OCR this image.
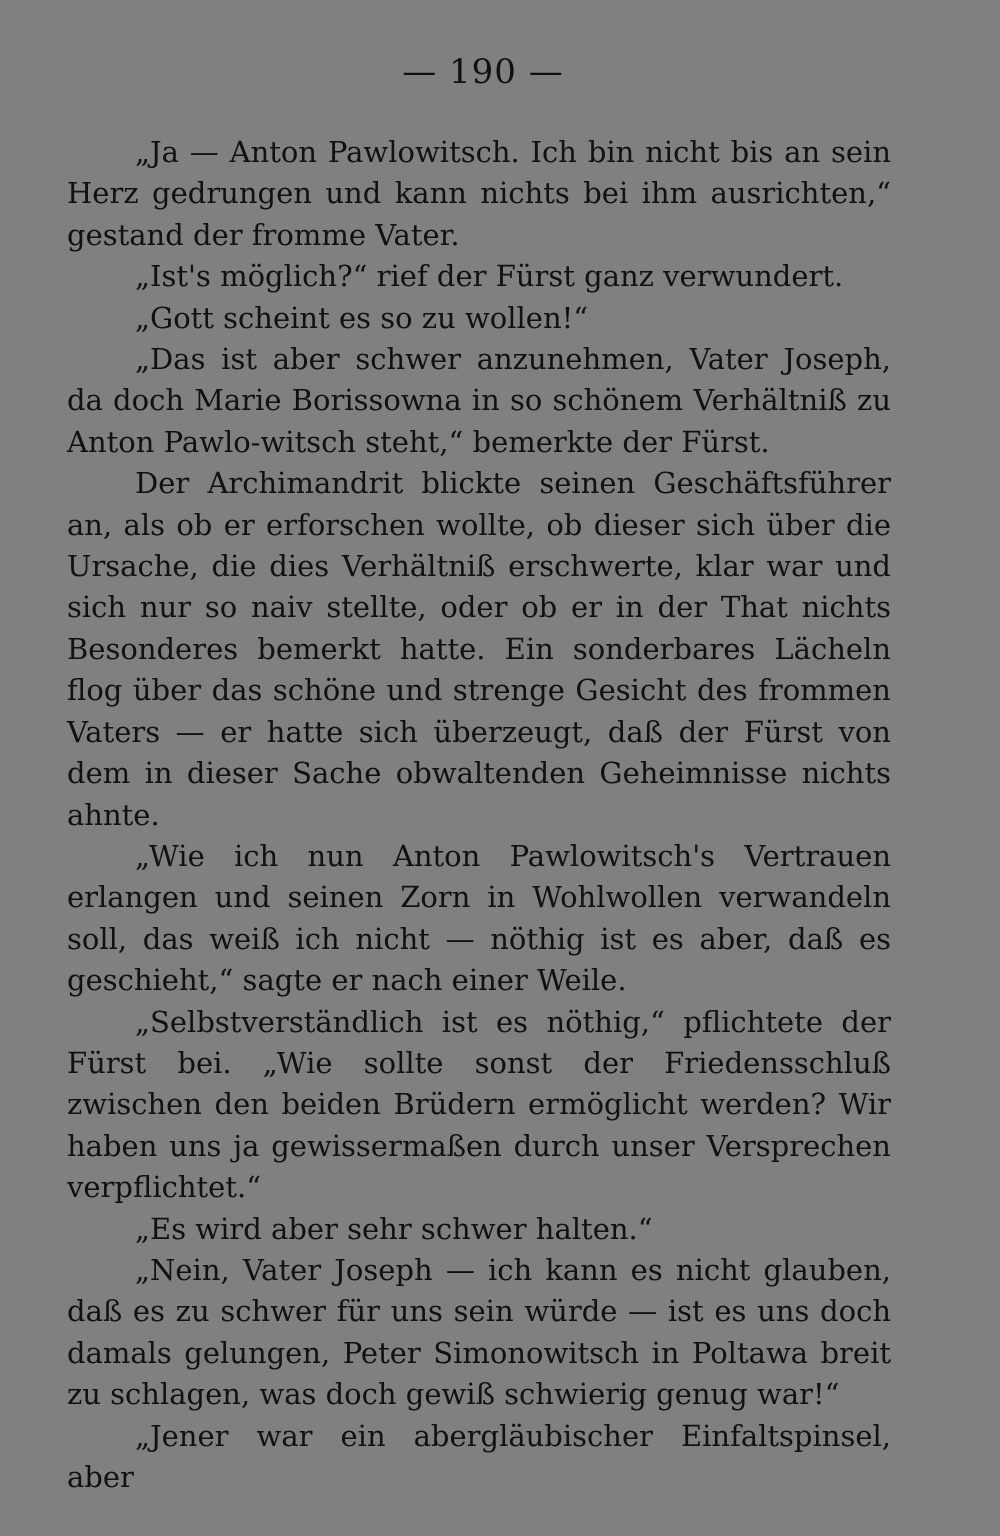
— 190 —

„Ja — Anton Pawlowitsch. Ich bin nicht bis an sein Herz gedrungen und kann nichts bei ihm ausrichten,“ gestand der fromme Vater.

„Ist's möglich?“ rief der Fürst ganz verwundert.

„Gott scheint es so zu wollen!“

„Das ist aber schwer anzunehmen, Vater Joseph, da doch Marie Borissowna in so schönem Verhältniß zu Anton Pawlo-witsch steht,“ bemerkte der Fürst.

Der Archimandrit blickte seinen Geschäftsführer an, als ob er erforschen wollte, ob dieser sich über die Ursache, die dies Verhältniß erschwerte, klar war und sich nur so naiv stellte, oder ob er in der That nichts Besonderes bemerkt hatte. Ein sonderbares Lächeln flog über das schöne und strenge Gesicht des frommen Vaters — er hatte sich überzeugt, daß der Fürst von dem in dieser Sache obwaltenden Geheimnisse nichts ahnte.

„Wie ich nun Anton Pawlowitsch's Vertrauen erlangen und seinen Zorn in Wohlwollen verwandeln soll, das weiß ich nicht — nöthig ist es aber, daß es geschieht,“ sagte er nach einer Weile.

„Selbstverständlich ist es nöthig,“ pflichtete der Fürst bei. „Wie sollte sonst der Friedensschluß zwischen den beiden Brüdern ermöglicht werden? Wir haben uns ja gewissermaßen durch unser Versprechen verpflichtet.“

„Es wird aber sehr schwer halten.“

„Nein, Vater Joseph — ich kann es nicht glauben, daß es zu schwer für uns sein würde — ist es uns doch damals gelungen, Peter Simonowitsch in Poltawa breit zu schlagen, was doch gewiß schwierig genug war!“

„Jener war ein abergläubischer Einfaltspinsel, aber
